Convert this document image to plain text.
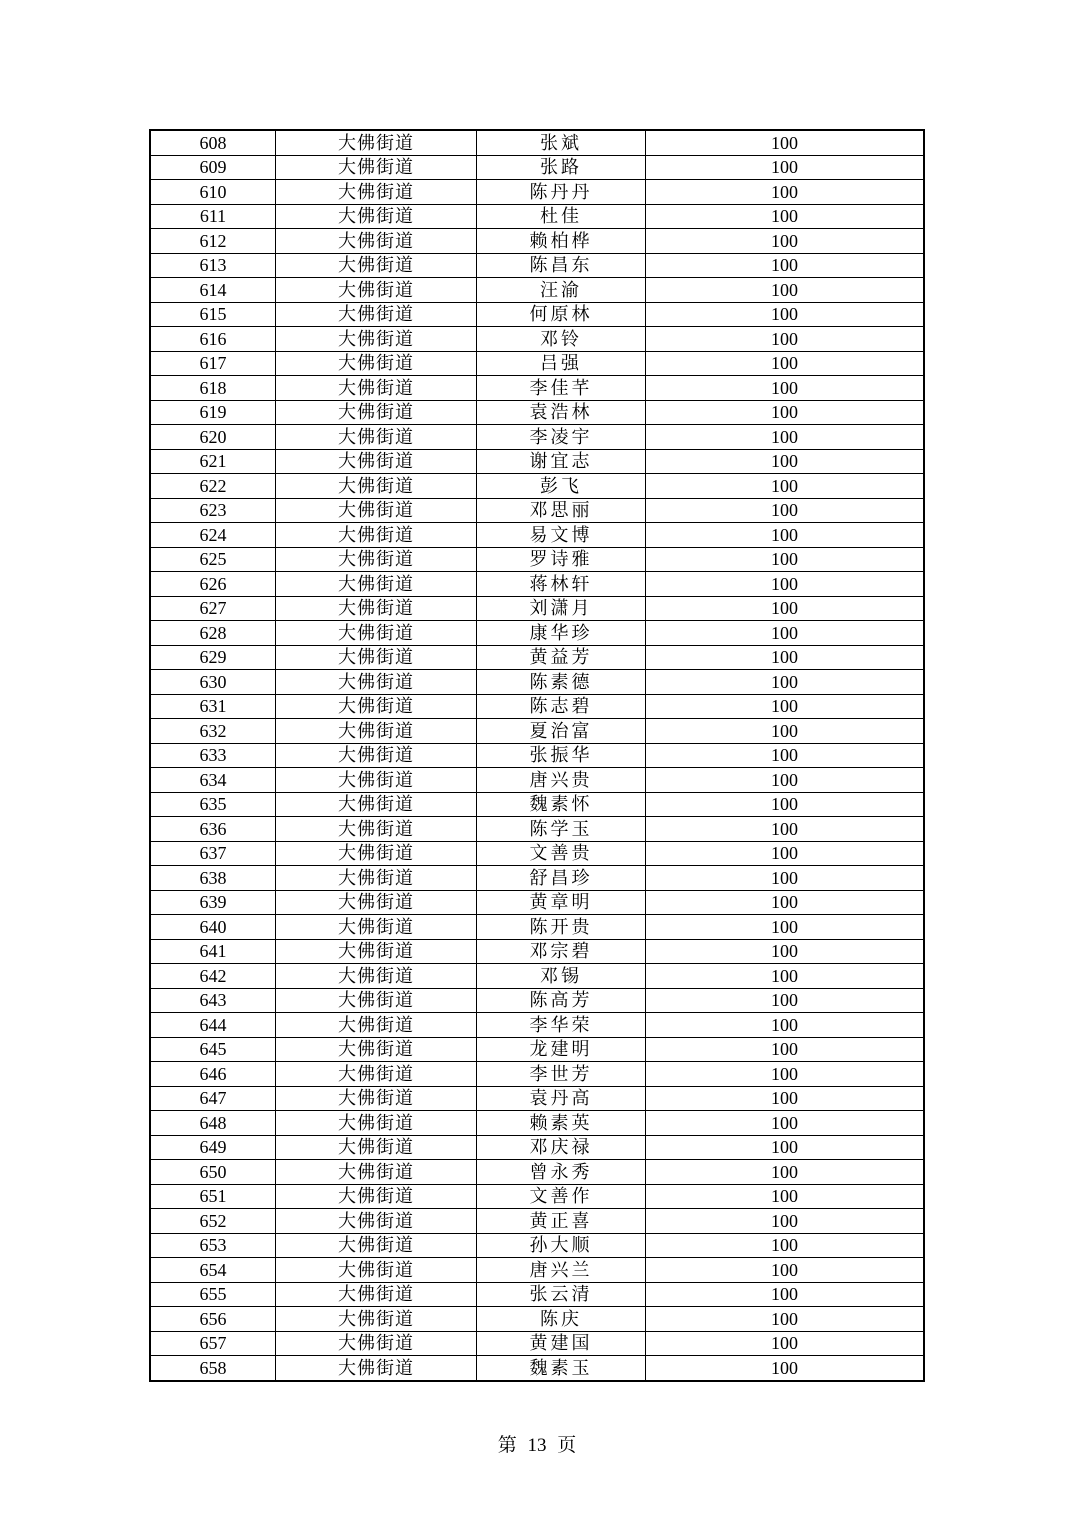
608	大佛街道	张斌	100
609	大佛街道	张路	100
610	大佛街道	陈丹丹	100
611	大佛街道	杜佳	100
612	大佛街道	赖柏桦	100
613	大佛街道	陈昌东	100
614	大佛街道	汪渝	100
615	大佛街道	何原林	100
616	大佛街道	邓铃	100
617	大佛街道	吕强	100
618	大佛街道	李佳芊	100
619	大佛街道	袁浩林	100
620	大佛街道	李凌宇	100
621	大佛街道	谢宜志	100
622	大佛街道	彭飞	100
623	大佛街道	邓思丽	100
624	大佛街道	易文博	100
625	大佛街道	罗诗雅	100
626	大佛街道	蒋林轩	100
627	大佛街道	刘潇月	100
628	大佛街道	康华珍	100
629	大佛街道	黄益芳	100
630	大佛街道	陈素德	100
631	大佛街道	陈志碧	100
632	大佛街道	夏治富	100
633	大佛街道	张振华	100
634	大佛街道	唐兴贵	100
635	大佛街道	魏素怀	100
636	大佛街道	陈学玉	100
637	大佛街道	文善贵	100
638	大佛街道	舒昌珍	100
639	大佛街道	黄章明	100
640	大佛街道	陈开贵	100
641	大佛街道	邓宗碧	100
642	大佛街道	邓锡	100
643	大佛街道	陈高芳	100
644	大佛街道	李华荣	100
645	大佛街道	龙建明	100
646	大佛街道	李世芳	100
647	大佛街道	袁丹高	100
648	大佛街道	赖素英	100
649	大佛街道	邓庆禄	100
650	大佛街道	曾永秀	100
651	大佛街道	文善作	100
652	大佛街道	黄正喜	100
653	大佛街道	孙大顺	100
654	大佛街道	唐兴兰	100
655	大佛街道	张云清	100
656	大佛街道	陈庆	100
657	大佛街道	黄建国	100
658	大佛街道	魏素玉	100
第 13 页
